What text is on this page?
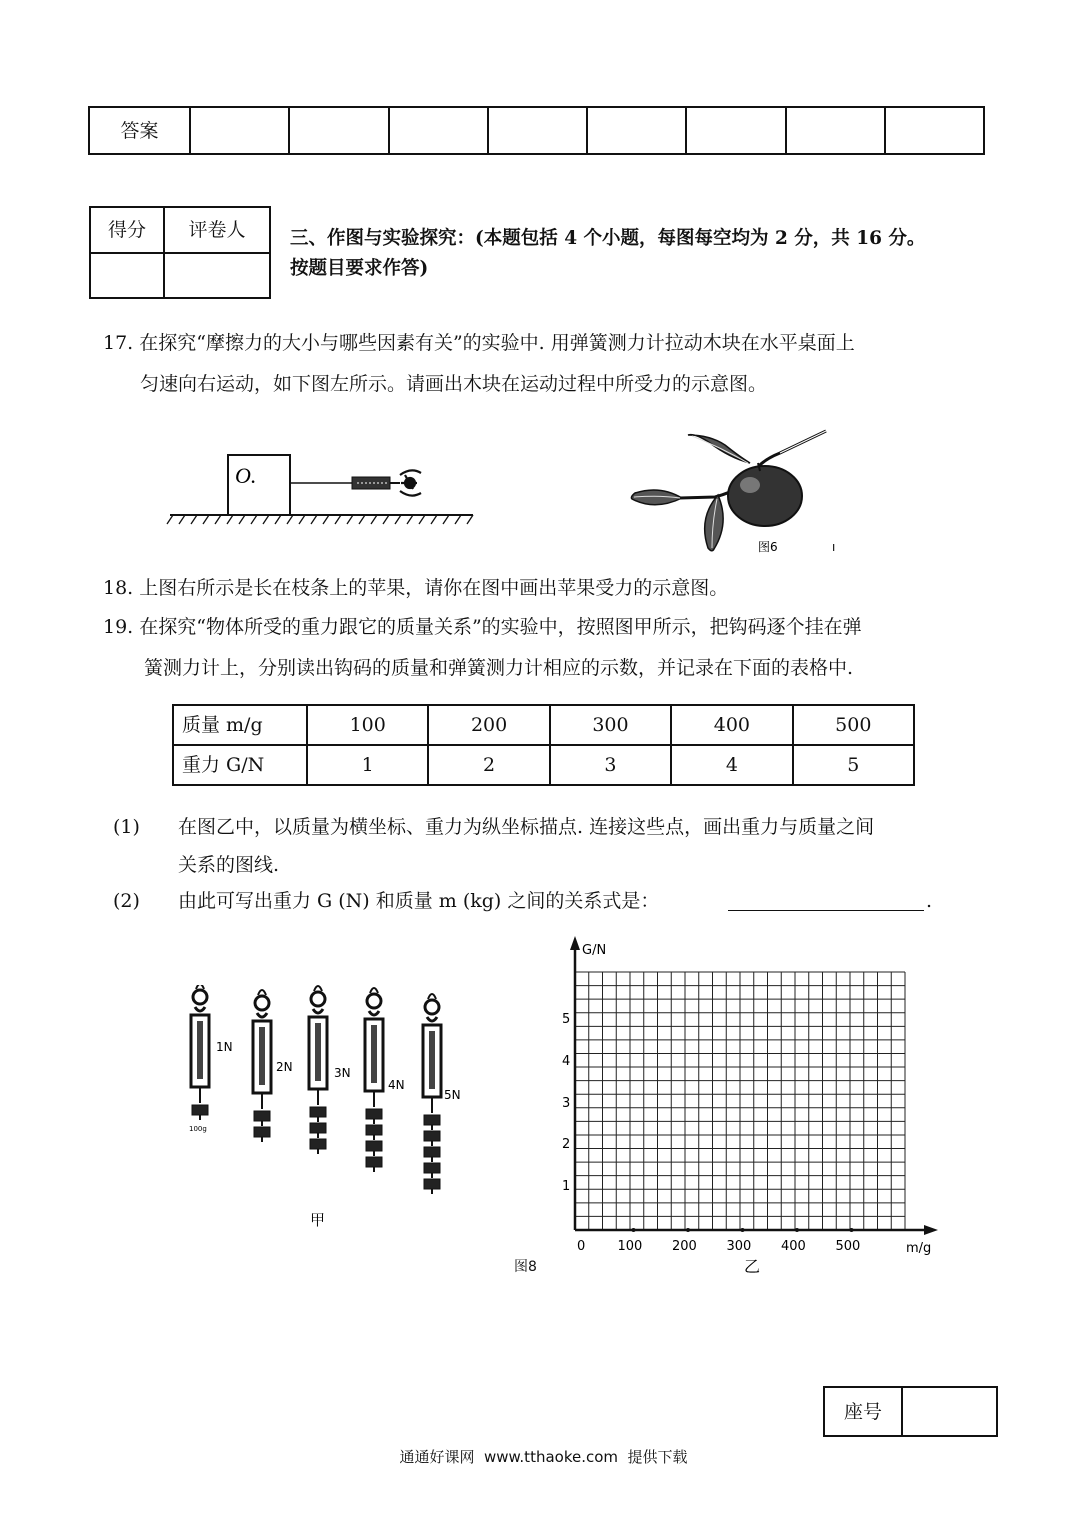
答案								
得分	评卷人
	三、作图与实验探究：(本题包括 4 个小题，每图每空均为 2 分，共 16 分。
按题目要求作答)
17. 在探究“摩擦力的大小与哪些因素有关”的实验中. 用弹簧测力计拉动木块在水平桌面上
匀速向右运动，如下图左所示。请画出木块在运动过程中所受力的示意图。
O.
图6	ı
18. 上图右所示是长在枝条上的苹果，请你在图中画出苹果受力的示意图。
19. 在探究“物体所受的重力跟它的质量关系”的实验中，按照图甲所示，把钩码逐个挂在弹
簧测力计上，分别读出钩码的质量和弹簧测力计相应的示数，并记录在下面的表格中.
质量 m/g	100	200	300	400	500
重力 G/N	1	2	3	4	5
(1) 在图乙中，以质量为横坐标、重力为纵坐标描点. 连接这些点，画出重力与质量之间
关系的图线.
(2) 由此可写出重力 G (N) 和质量 m (kg) 之间的关系式是：	.
1N
100g
2N	3N
4N
5N
甲
G/N
m/g
1
2
3
4
5
0 100 200 300 400 500
乙
图8
座号	
通通好课网  www.tthaoke.com  提供下载
